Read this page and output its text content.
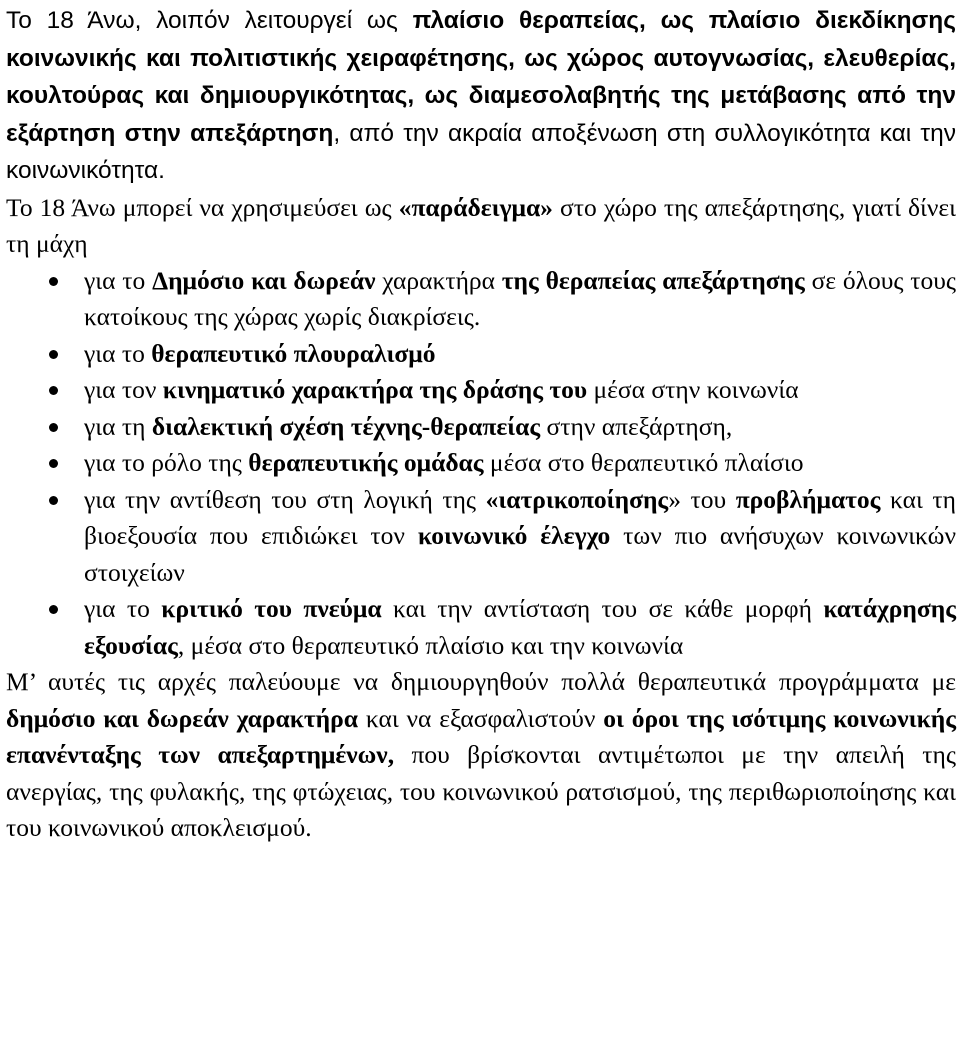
Το 18 Άνω, λοιπόν λειτουργεί ως πλαίσιο θεραπείας, ως πλαίσιο διεκδίκησης κοινωνικής και πολιτιστικής χειραφέτησης, ως χώρος αυτογνωσίας, ελευθερίας, κουλτούρας και δημιουργικότητας, ως διαμεσολαβητής της μετάβασης από την εξάρτηση στην απεξάρτηση, από την ακραία αποξένωση στη συλλογικότητα και την κοινωνικότητα.

Το 18 Άνω μπορεί να χρησιμεύσει ως «παράδειγμα» στο χώρο της απεξάρτησης, γιατί δίνει τη μάχη

για το Δημόσιο και δωρεάν χαρακτήρα της θεραπείας απεξάρτησης σε όλους τους κατοίκους της χώρας χωρίς διακρίσεις.
για το θεραπευτικό πλουραλισμό
για τον κινηματικό χαρακτήρα της δράσης του μέσα στην κοινωνία
για τη διαλεκτική σχέση τέχνης-θεραπείας στην απεξάρτηση,
για το ρόλο της θεραπευτικής ομάδας μέσα στο θεραπευτικό πλαίσιο
για την αντίθεση του στη λογική της «ιατρικοποίησης» του προβλήματος και τη βιοεξουσία που επιδιώκει τον κοινωνικό έλεγχο των πιο ανήσυχων κοινωνικών στοιχείων
για το κριτικό του πνεύμα και την αντίσταση του σε κάθε μορφή κατάχρησης εξουσίας, μέσα στο θεραπευτικό πλαίσιο και την κοινωνία

Μ’ αυτές τις αρχές παλεύουμε να δημιουργηθούν πολλά θεραπευτικά προγράμματα με δημόσιο και δωρεάν χαρακτήρα και να εξασφαλιστούν οι όροι της ισότιμης κοινωνικής επανένταξης των απεξαρτημένων, που βρίσκονται αντιμέτωποι με την απειλή της ανεργίας, της φυλακής, της φτώχειας, του κοινωνικού ρατσισμού, της περιθωριοποίησης και του κοινωνικού αποκλεισμού.
